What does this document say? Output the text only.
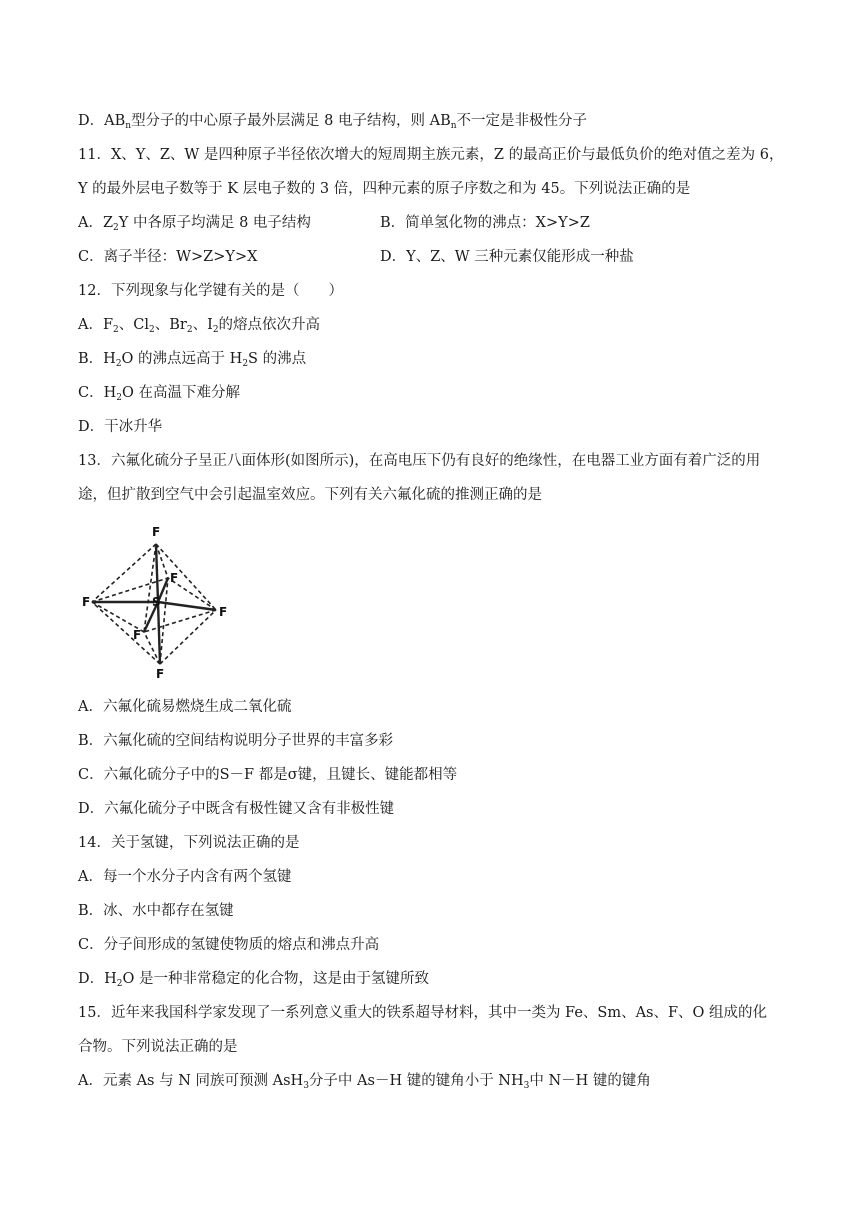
D．$AB_n$型分子的中心原子最外层满足 8 电子结构，则 $AB_n$不一定是非极性分子
11．X、Y、Z、W 是四种原子半径依次增大的短周期主族元素，Z 的最高正价与最低负价的绝对值之差为 6，
Y 的最外层电子数等于 K 层电子数的 3 倍，四种元素的原子序数之和为 45。下列说法正确的是
A．$Z_2Y$ 中各原子均满足 8 电子结构	B．简单氢化物的沸点：X>Y>Z
C．离子半径：W>Z>Y>X	D．Y、Z、W 三种元素仅能形成一种盐
12．下列现象与化学键有关的是（　　）
A．$F_2$、$Cl_2$、$Br_2$、$I_2$的熔点依次升高
B．$H_2O$ 的沸点远高于 $H_2S$ 的沸点
C．$H_2O$ 在高温下难分解
D．干冰升华
13．六氟化硫分子呈正八面体形(如图所示)，在高电压下仍有良好的绝缘性，在电器工业方面有着广泛的用
途，但扩散到空气中会引起温室效应。下列有关六氟化硫的推测正确的是
F
F
F
F
F
F
S
A．六氟化硫易燃烧生成二氧化硫
B．六氟化硫的空间结构说明分子世界的丰富多彩
C．六氟化硫分子中的S－F 都是σ键，且键长、键能都相等
D．六氟化硫分子中既含有极性键又含有非极性键
14．关于氢键，下列说法正确的是
A．每一个水分子内含有两个氢键
B．冰、水中都存在氢键
C．分子间形成的氢键使物质的熔点和沸点升高
D．$H_2O$ 是一种非常稳定的化合物，这是由于氢键所致
15．近年来我国科学家发现了一系列意义重大的铁系超导材料，其中一类为 Fe、Sm、As、F、O 组成的化
合物。下列说法正确的是
A．元素 As 与 N 同族可预测 AsH$_3$分子中 As－H 键的键角小于 $NH_3$中 N－H 键的键角
